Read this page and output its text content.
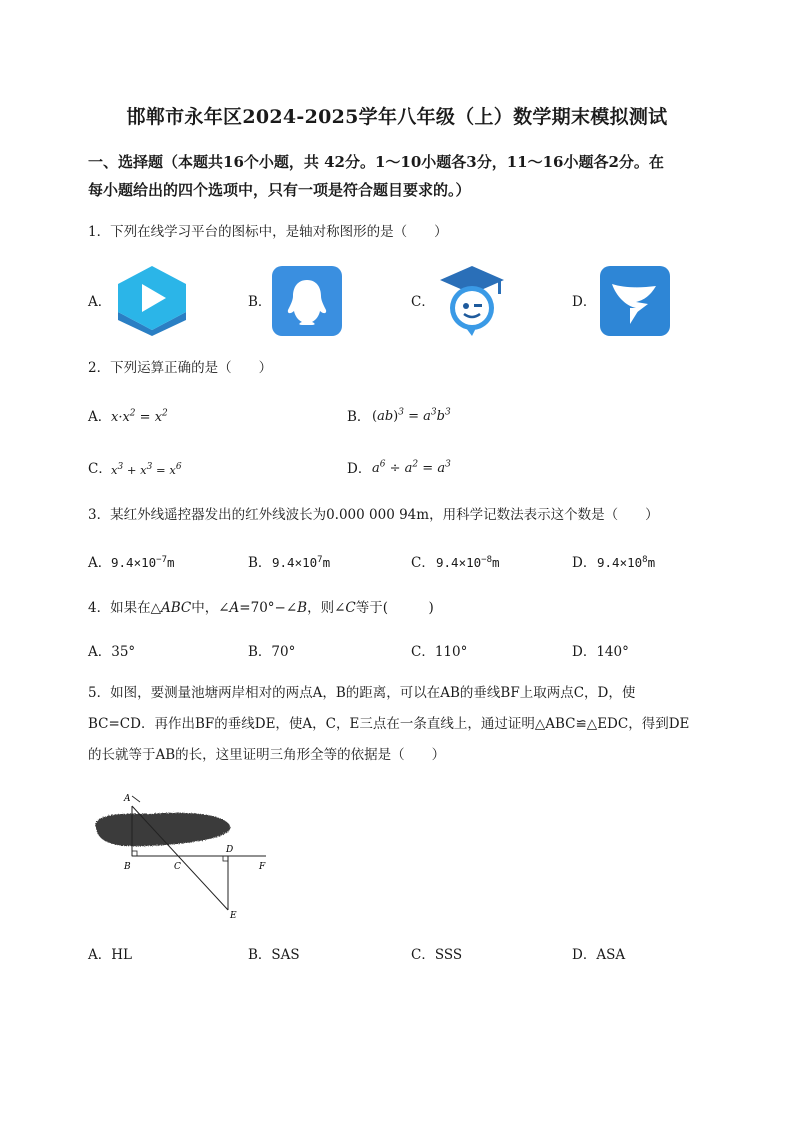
邯郸市永年区2024-2025学年八年级（上）数学期末模拟测试
一、选择题（本题共16个小题，共 42分。1～10小题各3分，11～16小题各2分。在
每小题给出的四个选项中，只有一项是符合题目要求的。）
1．下列在线学习平台的图标中，是轴对称图形的是（　　）
A．	B．	C．	D．
2．下列运算正确的是（　　）
A． $x\cdot x^2 = x^2$	B． $(ab)^3 = a^3b^3$
C． $x^3 + x^3 = x^6$	D． $a^6 \div a^2 = a^3$
3．某红外线遥控器发出的红外线波长为0.000 000 94m，用科学记数法表示这个数是（　　）
A． $9.4\times 10^{-7}m$	B． $9.4\times 10^7m$	C． $9.4\times 10^{-8}m$	D． $9.4\times 10^8m$
4．如果在△ABC中，∠A=70°−∠B，则∠C等于(　　　)
A．35°	B．70°	C．110°	D．140°
5．如图，要测量池塘两岸相对的两点A，B的距离，可以在AB的垂线BF上取两点C，D，使
BC=CD．再作出BF的垂线DE，使A，C，E三点在一条直线上，通过证明△ABC≌△EDC，得到DE
的长就等于AB的长，这里证明三角形全等的依据是（　　）
A
B	C
D
E
F
A．HL	B．SAS	C．SSS	D．ASA
